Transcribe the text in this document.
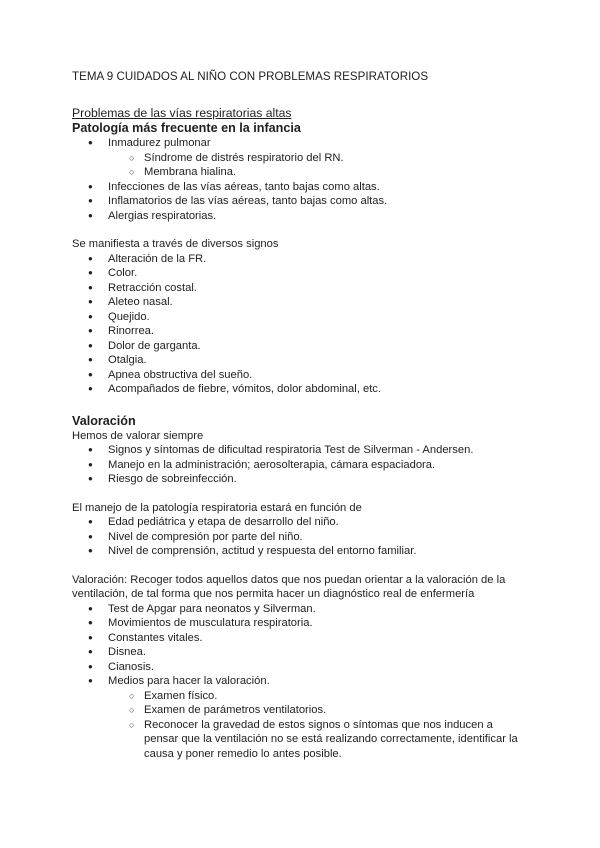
TEMA 9 CUIDADOS AL NIÑO CON PROBLEMAS RESPIRATORIOS

Problemas de las vías respiratorias altas
Patología más frecuente en la infancia
● Inmadurez pulmonar
○ Síndrome de distrés respiratorio del RN.
○ Membrana hialina.
● Infecciones de las vías aéreas, tanto bajas como altas.
● Inflamatorios de las vías aéreas, tanto bajas como altas.
● Alergias respiratorias.

Se manifiesta a través de diversos signos

● Alteración de la FR.
● Color.
● Retracción costal.
● Aleteo nasal.
● Quejido.
● Rinorrea.
● Dolor de garganta.
● Otalgia.
● Apnea obstructiva del sueño.
● Acompañados de fiebre, vómitos, dolor abdominal, etc.
Valoración

Hemos de valorar siempre

● Signos y síntomas de dificultad respiratoria Test de Silverman - Andersen.
● Manejo en la administración; aerosolterapia, cámara espaciadora.
● Riesgo de sobreinfección.

El manejo de la patología respiratoria estará en función de

● Edad pediátrica y etapa de desarrollo del niño.
● Nivel de compresión por parte del niño.
● Nivel de comprensión, actitud y respuesta del entorno familiar.

Valoración: Recoger todos aquellos datos que nos puedan orientar a la valoración de la

ventilación, de tal forma que nos permita hacer un diagnóstico real de enfermería

● Test de Apgar para neonatos y Silverman.
● Movimientos de musculatura respiratoria.
● Constantes vitales.
● Disnea.
● Cianosis.
● Medios para hacer la valoración.
○ Examen físico.
○ Examen de parámetros ventilatorios.
○ Reconocer la gravedad de estos signos o síntomas que nos inducen a
pensar que la ventilación no se está realizando correctamente, identificar la
causa y poner remedio lo antes posible.
